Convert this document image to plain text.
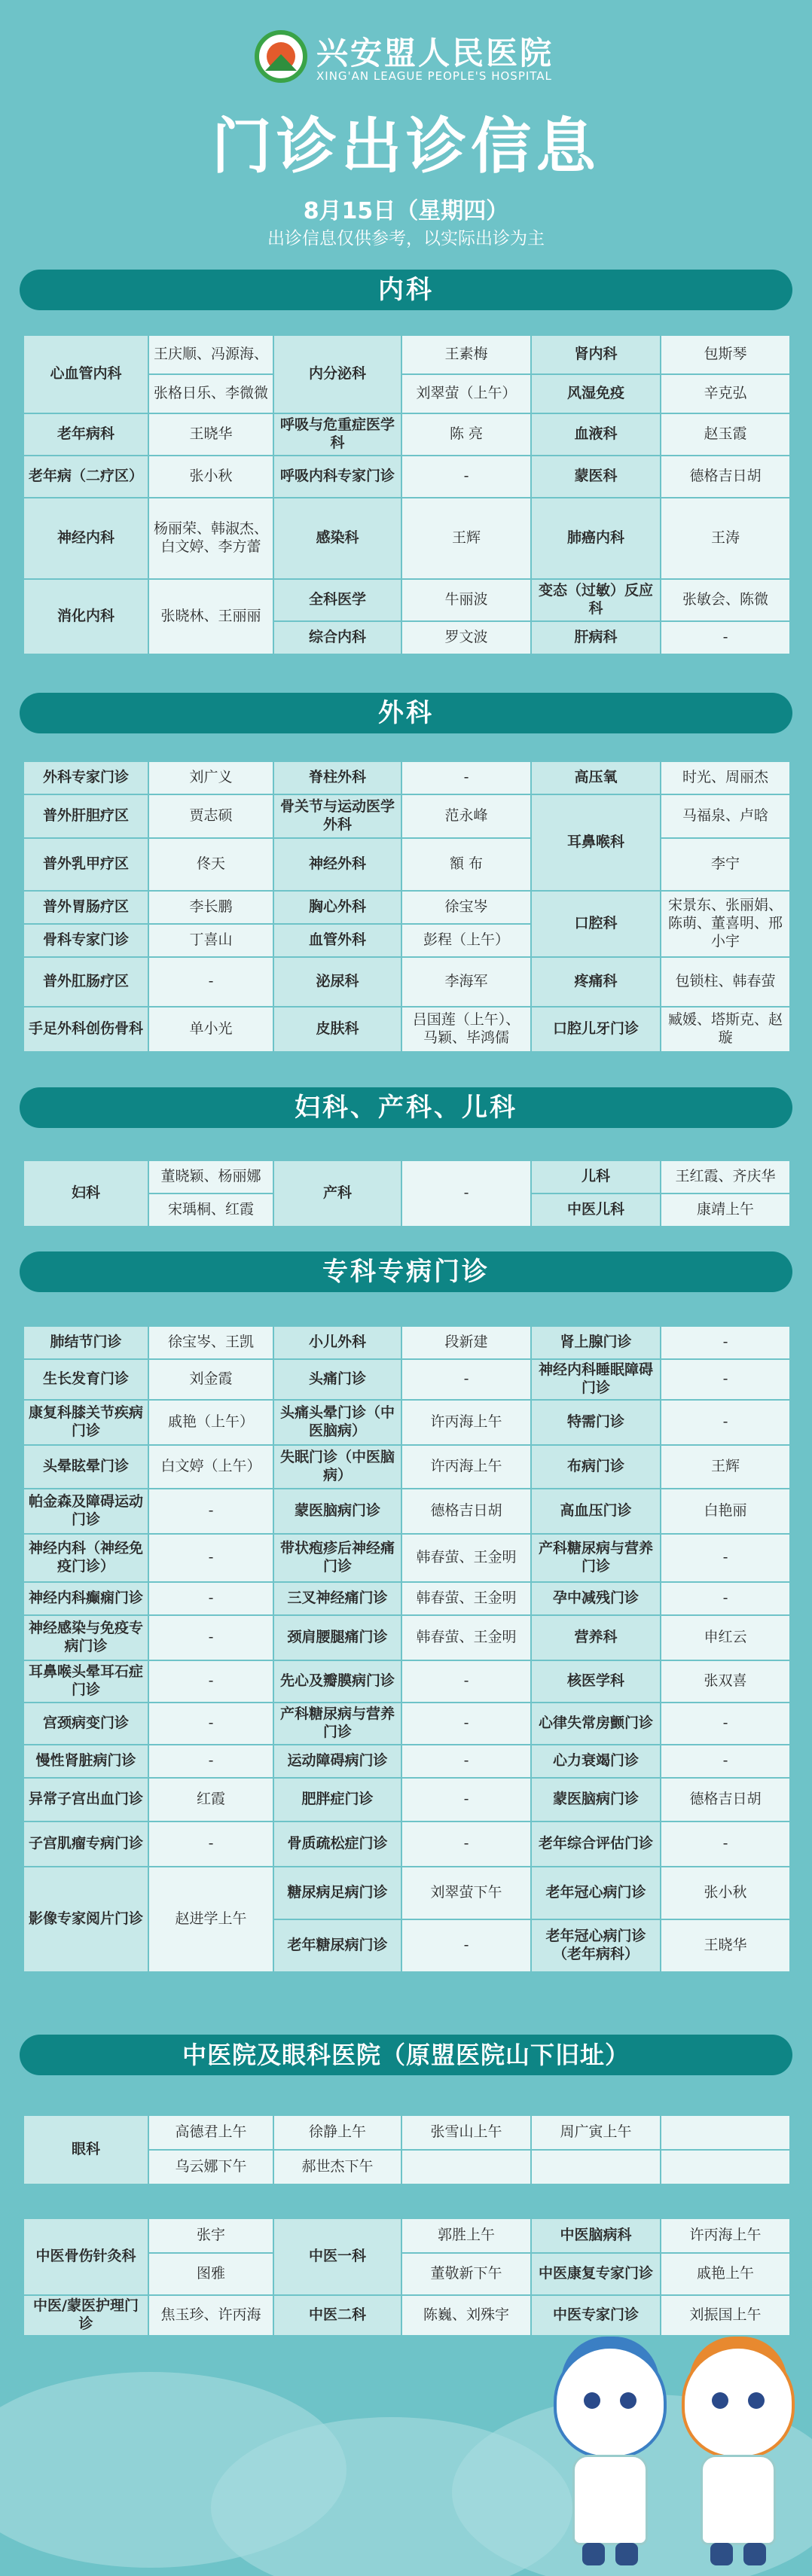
兴安盟人民医院
XING'AN LEAGUE PEOPLE'S HOSPITAL
门诊出诊信息
8月15日（星期四）
出诊信息仅供参考，以实际出诊为主
内科
心血管内科	王庆顺、冯源海、	内分泌科	王素梅	肾内科	包斯琴
	张格日乐、李微微		刘翠萤（上午）	风湿免疫	辛克弘
老年病科	王晓华	呼吸与危重症医学科	陈 亮	血液科	赵玉霞
老年病（二疗区）	张小秋	呼吸内科专家门诊	-	蒙医科	德格吉日胡
神经内科	杨丽荣、韩淑杰、白文婷、李方蕾	感染科	王辉	肺癌内科	王涛
消化内科	张晓林、王丽丽	全科医学	牛丽波	变态（过敏）反应科	张敏会、陈微
		综合内科	罗文波	肝病科	-
外科
外科专家门诊	刘广义	脊柱外科	-	高压氧	时光、周丽杰
普外肝胆疗区	贾志硕	骨关节与运动医学外科	范永峰	耳鼻喉科	马福泉、卢晗
普外乳甲疗区	佟天	神经外科	額 布		李宁
普外胃肠疗区	李长鹏	胸心外科	徐宝岑	口腔科	宋景东、张丽娟、陈萌、董喜明、邢小宇
骨科专家门诊	丁喜山	血管外科	彭程（上午）		
普外肛肠疗区	-	泌尿科	李海军	疼痛科	包锁柱、韩春萤
手足外科创伤骨科	单小光	皮肤科	吕国莲（上午）、马颖、毕鸿儒	口腔儿牙门诊	臧媛、塔斯克、赵璇
妇科、产科、儿科
妇科	董晓颖、杨丽娜	产科	-	儿科	王红霞、齐庆华
	宋瑀桐、红霞			中医儿科	康靖上午
专科专病门诊
肺结节门诊	徐宝岑、王凯	小儿外科	段新建	肾上腺门诊	-
生长发育门诊	刘金霞	头痛门诊	-	神经内科睡眠障碍门诊	-
康复科膝关节疾病门诊	戚艳（上午）	头痛头晕门诊（中医脑病）	许丙海上午	特需门诊	-
头晕眩晕门诊	白文婷（上午）	失眠门诊（中医脑病）	许丙海上午	布病门诊	王辉
帕金森及障碍运动门诊	-	蒙医脑病门诊	德格吉日胡	高血压门诊	白艳丽
神经内科（神经免疫门诊）	-	带状疱疹后神经痛门诊	韩春萤、王金明	产科糖尿病与营养门诊	-
神经内科癫痫门诊	-	三叉神经痛门诊	韩春萤、王金明	孕中减残门诊	-
神经感染与免疫专病门诊	-	颈肩腰腿痛门诊	韩春萤、王金明	营养科	申红云
耳鼻喉头晕耳石症门诊	-	先心及瓣膜病门诊	-	核医学科	张双喜
宫颈病变门诊	-	产科糖尿病与营养门诊	-	心律失常房颤门诊	-
慢性肾脏病门诊	-	运动障碍病门诊	-	心力衰竭门诊	-
异常子宫出血门诊	红霞	肥胖症门诊	-	蒙医脑病门诊	德格吉日胡
子宫肌瘤专病门诊	-	骨质疏松症门诊	-	老年综合评估门诊	-
影像专家阅片门诊	赵进学上午	糖尿病足病门诊	刘翠萤下午	老年冠心病门诊	张小秋
		老年糖尿病门诊	-	老年冠心病门诊（老年病科）	王晓华
中医院及眼科医院（原盟医院山下旧址）
眼科	高德君上午	徐静上午	张雪山上午	周广寅上午	
	乌云娜下午	郝世杰下午			
中医骨伤针灸科	张宇	中医一科	郭胜上午	中医脑病科	许丙海上午
	图雅		董敬新下午	中医康复专家门诊	戚艳上午
中医/蒙医护理门诊	焦玉珍、许丙海	中医二科	陈巍、刘殊宇	中医专家门诊	刘振国上午
